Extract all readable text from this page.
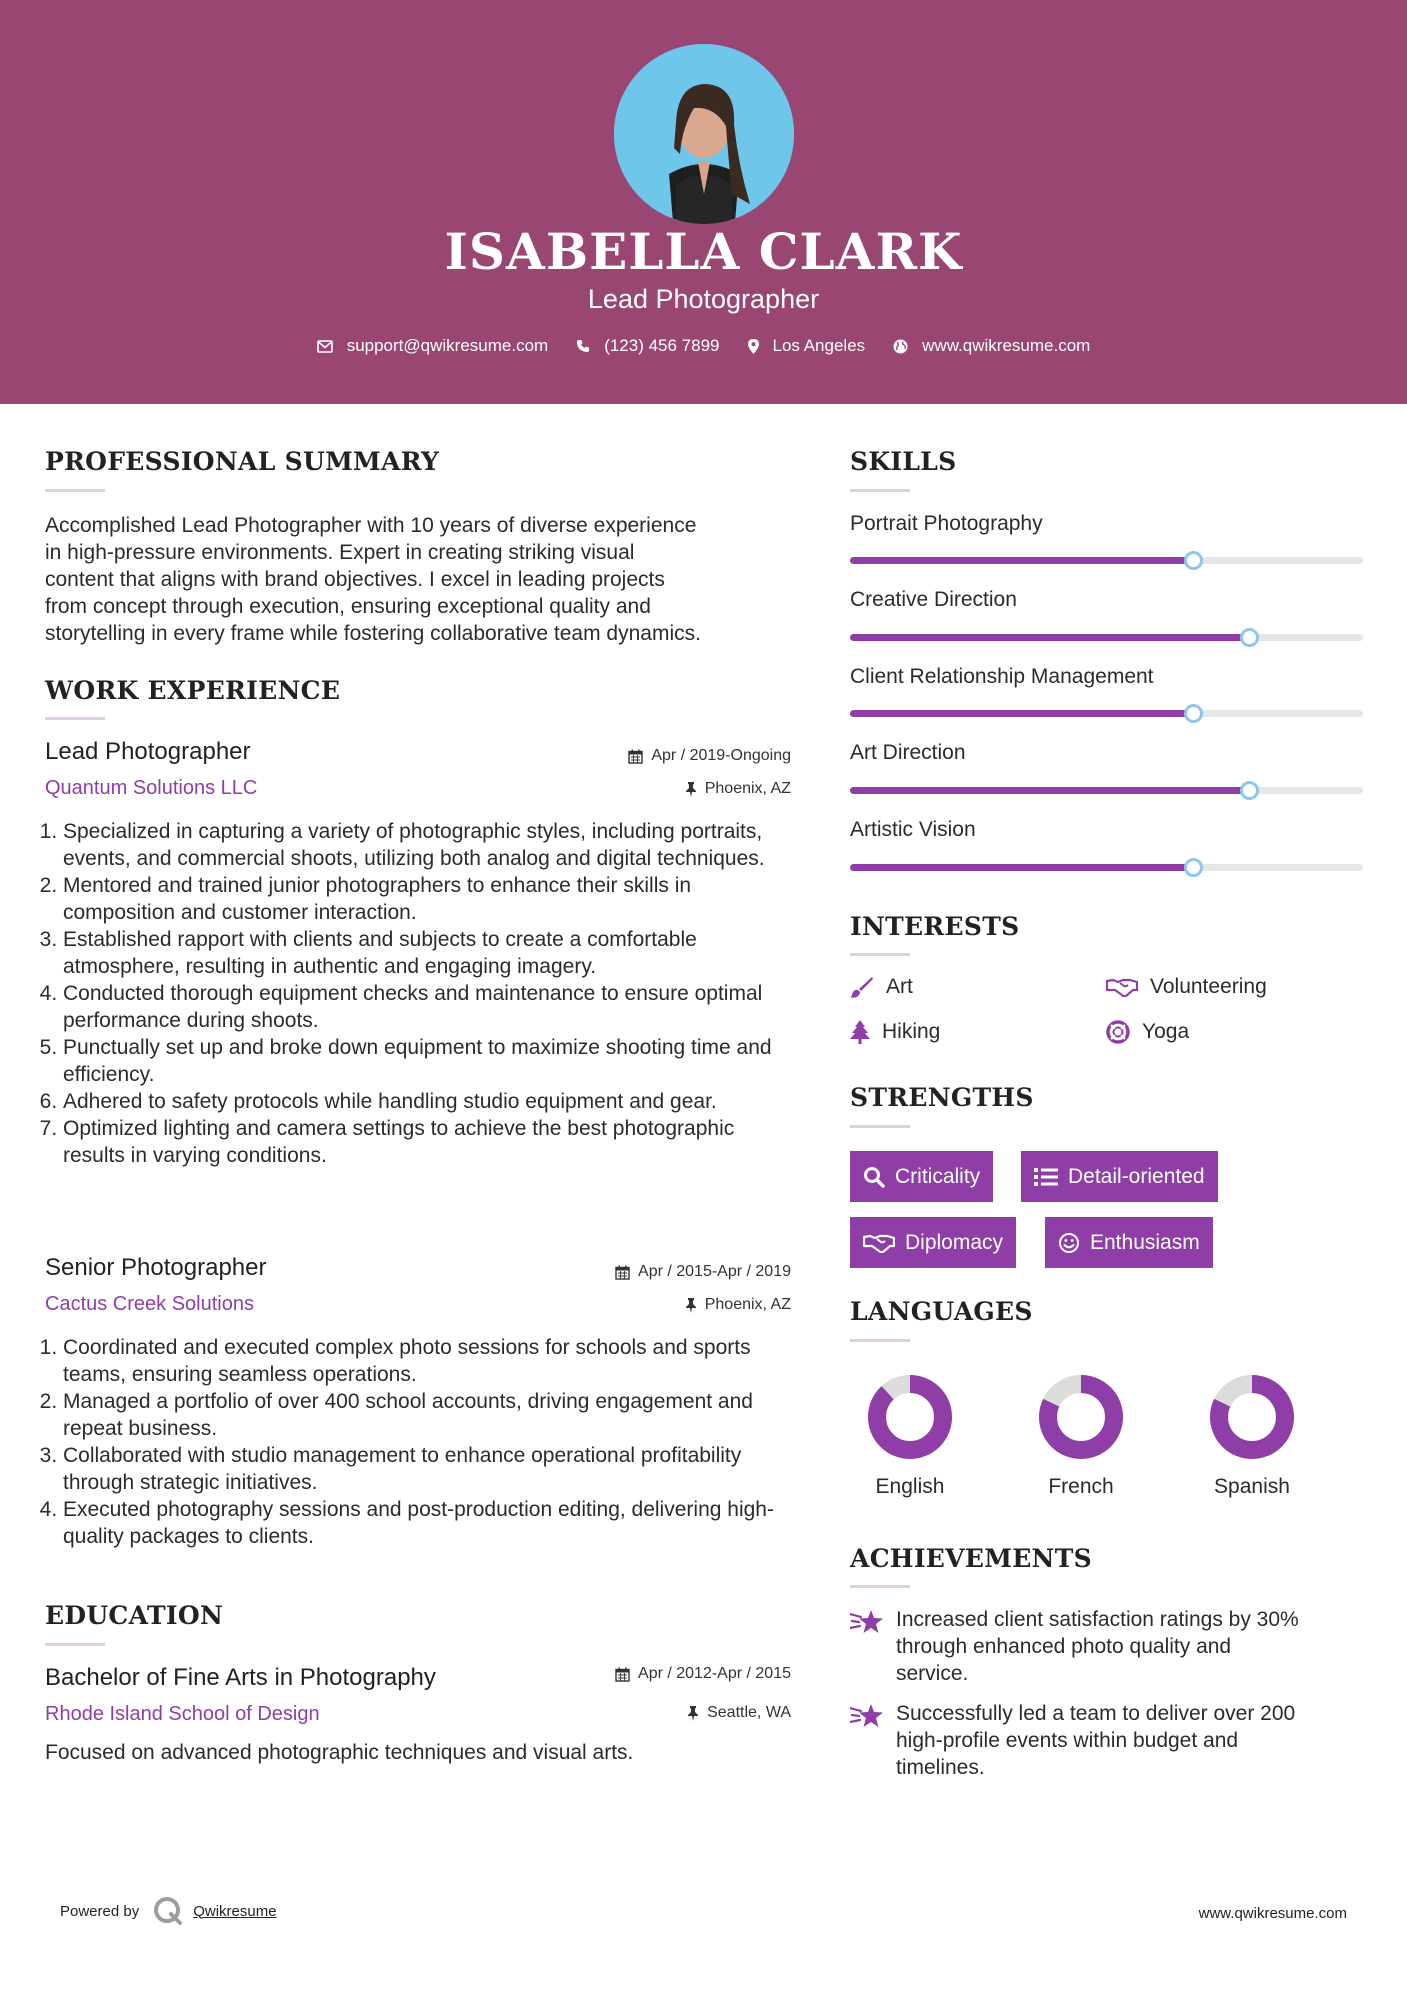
ISABELLA CLARK
Lead Photographer
support@qwikresume.com	(123) 456 7899	Los Angeles	www.qwikresume.com
PROFESSIONAL SUMMARY
Accomplished Lead Photographer with 10 years of diverse experience
in high-pressure environments. Expert in creating striking visual
content that aligns with brand objectives. I excel in leading projects
from concept through execution, ensuring exceptional quality and
storytelling in every frame while fostering collaborative team dynamics.
WORK EXPERIENCE
Lead Photographer	Apr / 2019-Ongoing
Quantum Solutions LLC	Phoenix, AZ
1. Specialized in capturing a variety of photographic styles, including portraits, events, and commercial shoots, utilizing both analog and digital techniques.
2. Mentored and trained junior photographers to enhance their skills in composition and customer interaction.
3. Established rapport with clients and subjects to create a comfortable atmosphere, resulting in authentic and engaging imagery.
4. Conducted thorough equipment checks and maintenance to ensure optimal performance during shoots.
5. Punctually set up and broke down equipment to maximize shooting time and efficiency.
6. Adhered to safety protocols while handling studio equipment and gear.
7. Optimized lighting and camera settings to achieve the best photographic results in varying conditions.
Senior Photographer	Apr / 2015-Apr / 2019
Cactus Creek Solutions	Phoenix, AZ
1. Coordinated and executed complex photo sessions for schools and sports teams, ensuring seamless operations.
2. Managed a portfolio of over 400 school accounts, driving engagement and repeat business.
3. Collaborated with studio management to enhance operational profitability through strategic initiatives.
4. Executed photography sessions and post-production editing, delivering high-quality packages to clients.
EDUCATION
Bachelor of Fine Arts in Photography	Apr / 2012-Apr / 2015
Rhode Island School of Design	Seattle, WA
Focused on advanced photographic techniques and visual arts.
SKILLS
Portrait Photography
Creative Direction
Client Relationship Management
Art Direction
Artistic Vision
INTERESTS
Art	Volunteering
Hiking	Yoga
STRENGTHS
Criticality	Detail-oriented
Diplomacy	Enthusiasm
LANGUAGES
English	French	Spanish
ACHIEVEMENTS
Increased client satisfaction ratings by 30%
through enhanced photo quality and
service.
Successfully led a team to deliver over 200
high-profile events within budget and
timelines.
Powered by	Qwikresume	www.qwikresume.com
